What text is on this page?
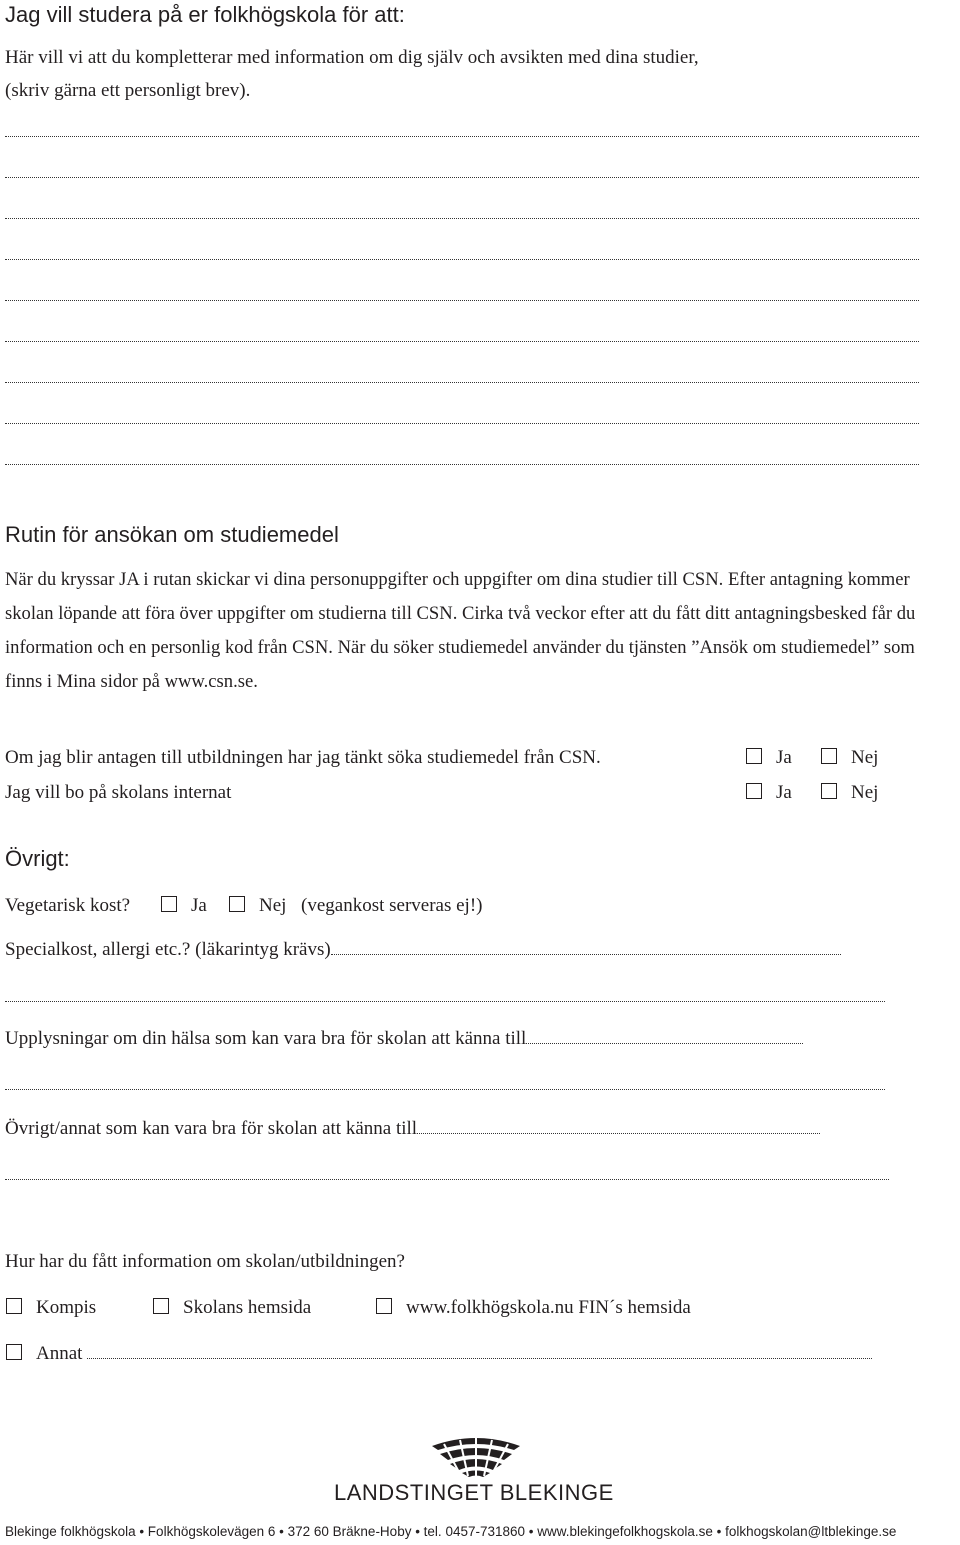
Jag vill studera på er folkhögskola för att:
Här vill vi att du kompletterar med information om dig själv och avsikten med dina studier,
(skriv gärna ett personligt brev).
Rutin för ansökan om studiemedel
När du kryssar JA i rutan skickar vi dina personuppgifter och uppgifter om dina studier till CSN. Efter antagning kommer skolan löpande att föra över uppgifter om studierna till CSN. Cirka två veckor efter att du fått ditt antagningsbesked får du information och en personlig kod från CSN. När du söker studiemedel använder du tjänsten ”Ansök om studiemedel” som finns i Mina sidor på www.csn.se.
Om jag blir antagen till utbildningen har jag tänkt söka studiemedel från CSN.	Ja	Nej
Jag vill bo på skolans internat	Ja	Nej
Övrigt:
Vegetarisk kost?	Ja	Nej (vegankost serveras ej!)
Specialkost, allergi etc.? (läkarintyg krävs)
Upplysningar om din hälsa som kan vara bra för skolan att känna till
Övrigt/annat som kan vara bra för skolan att känna till
Hur har du fått information om skolan/utbildningen?
Kompis	Skolans hemsida	www.folkhögskola.nu FIN´s hemsida
Annat
LANDSTINGET BLEKINGE
Blekinge folkhögskola • Folkhögskolevägen 6 • 372 60 Bräkne-Hoby • tel. 0457-731860 • www.blekingefolkhogskola.se • folkhogskolan@ltblekinge.se
